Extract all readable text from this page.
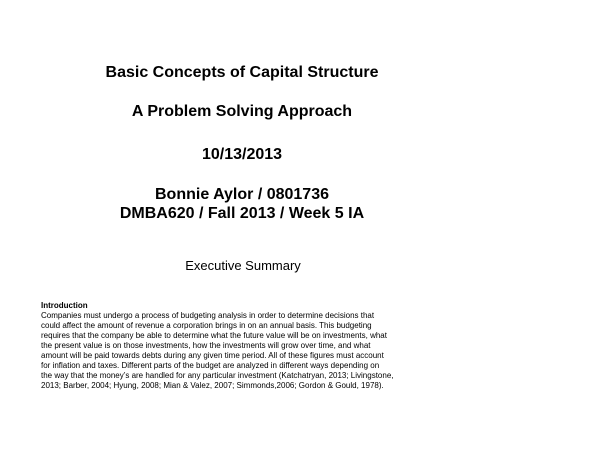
Basic Concepts of Capital Structure
A Problem Solving Approach
10/13/2013
Bonnie Aylor / 0801736
DMBA620 / Fall 2013 / Week 5 IA
Executive Summary
Introduction
Companies must undergo a process of budgeting analysis in order to determine decisions that
could affect the amount of revenue a corporation brings in on an annual basis. This budgeting
requires that the company be able to determine what the future value will be on investments, what
the present value is on those investments, how the investments will grow over time, and what
amount will be paid towards debts during any given time period. All of these figures must account
for inflation and taxes. Different parts of the budget are analyzed in different ways depending on
the way that the money’s are handled for any particular investment (Katchatryan, 2013; Livingstone,
2013; Barber, 2004; Hyung, 2008; Mian & Valez, 2007; Simmonds,2006; Gordon & Gould, 1978).
